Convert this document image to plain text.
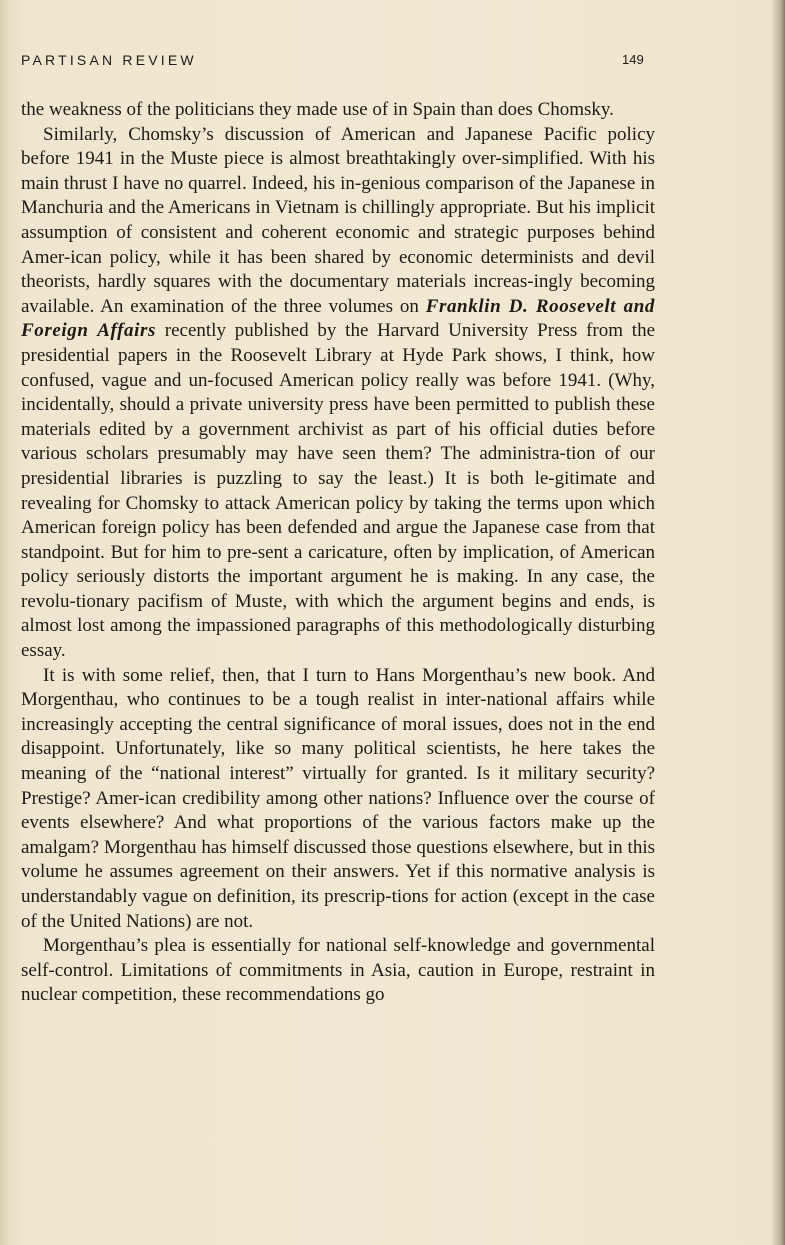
PARTISAN REVIEW	149

the weakness of the politicians they made use of in Spain than does Chomsky.

Similarly, Chomsky’s discussion of American and Japanese Pacific policy before 1941 in the Muste piece is almost breathtakingly over-simplified. With his main thrust I have no quarrel. Indeed, his in-genious comparison of the Japanese in Manchuria and the Americans in Vietnam is chillingly appropriate. But his implicit assumption of consistent and coherent economic and strategic purposes behind Amer-ican policy, while it has been shared by economic determinists and devil theorists, hardly squares with the documentary materials increas-ingly becoming available. An examination of the three volumes on Franklin D. Roosevelt and Foreign Affairs recently published by the Harvard University Press from the presidential papers in the Roosevelt Library at Hyde Park shows, I think, how confused, vague and un-focused American policy really was before 1941. (Why, incidentally, should a private university press have been permitted to publish these materials edited by a government archivist as part of his official duties before various scholars presumably may have seen them? The administra-tion of our presidential libraries is puzzling to say the least.) It is both le-gitimate and revealing for Chomsky to attack American policy by taking the terms upon which American foreign policy has been defended and argue the Japanese case from that standpoint. But for him to pre-sent a caricature, often by implication, of American policy seriously distorts the important argument he is making. In any case, the revolu-tionary pacifism of Muste, with which the argument begins and ends, is almost lost among the impassioned paragraphs of this methodologically disturbing essay.

It is with some relief, then, that I turn to Hans Morgenthau’s new book. And Morgenthau, who continues to be a tough realist in inter-national affairs while increasingly accepting the central significance of moral issues, does not in the end disappoint. Unfortunately, like so many political scientists, he here takes the meaning of the “national interest” virtually for granted. Is it military security? Prestige? Amer-ican credibility among other nations? Influence over the course of events elsewhere? And what proportions of the various factors make up the amalgam? Morgenthau has himself discussed those questions elsewhere, but in this volume he assumes agreement on their answers. Yet if this normative analysis is understandably vague on definition, its prescrip-tions for action (except in the case of the United Nations) are not.

Morgenthau’s plea is essentially for national self-knowledge and governmental self-control. Limitations of commitments in Asia, caution in Europe, restraint in nuclear competition, these recommendations go
